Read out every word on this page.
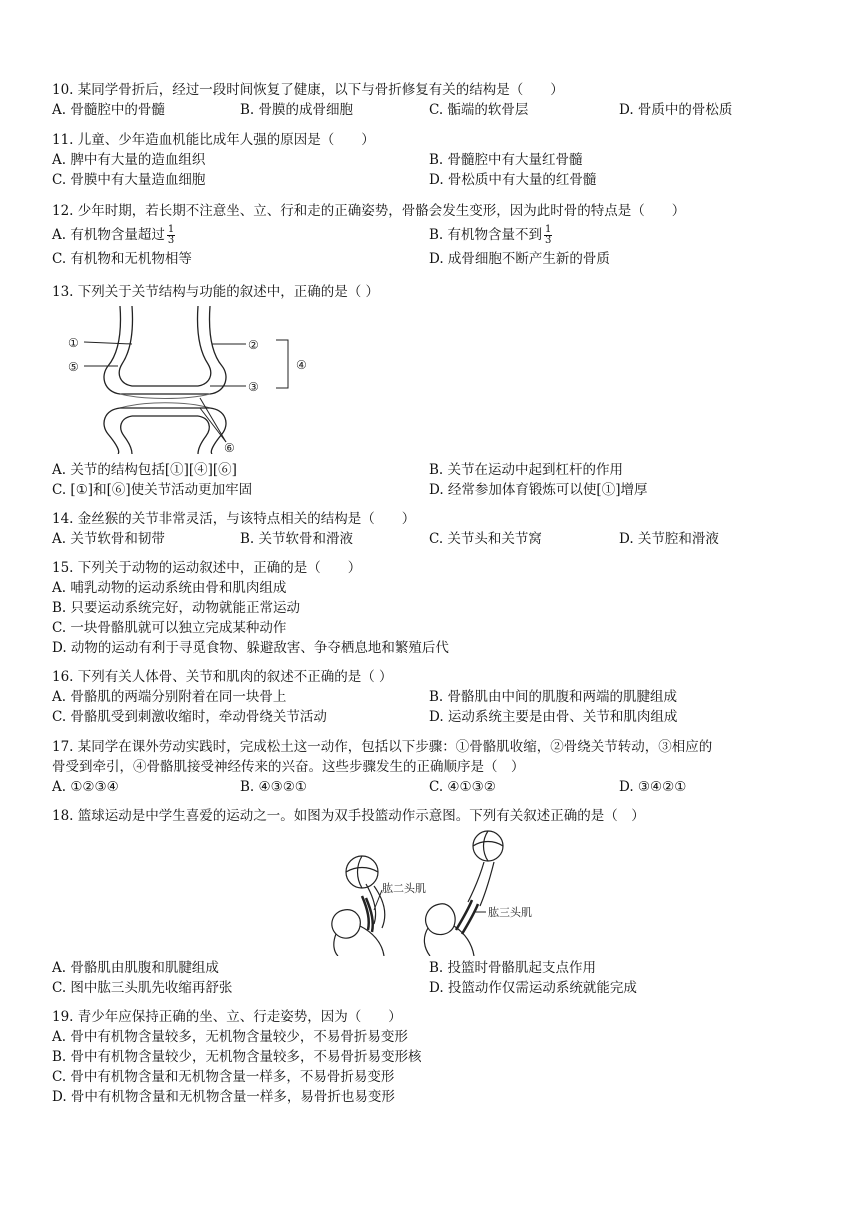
10. 某同学骨折后，经过一段时间恢复了健康，以下与骨折修复有关的结构是（　　）
A. 骨髓腔中的骨髓	B. 骨膜的成骨细胞	C. 骺端的软骨层	D. 骨质中的骨松质
11. 儿童、少年造血机能比成年人强的原因是（　　）
A. 脾中有大量的造血组织	B. 骨髓腔中有大量红骨髓
C. 骨膜中有大量造血细胞	D. 骨松质中有大量的红骨髓
12. 少年时期，若长期不注意坐、立、行和走的正确姿势，骨骼会发生变形，因为此时骨的特点是（　　）
A. 有机物含量超过 $\frac{1}{3}$	B. 有机物含量不到 $\frac{1}{3}$
C. 有机物和无机物相等	D. 成骨细胞不断产生新的骨质
13. 下列关于关节结构与功能的叙述中，正确的是（ ）
①
⑤
②
③
④
⑥
A. 关节的结构包括[①][④][⑥]	B. 关节在运动中起到杠杆的作用
C. [①]和[⑥]使关节活动更加牢固	D. 经常参加体育锻炼可以使[①]增厚
14. 金丝猴的关节非常灵活，与该特点相关的结构是（　　）
A. 关节软骨和韧带	B. 关节软骨和滑液	C. 关节头和关节窝	D. 关节腔和滑液
15. 下列关于动物的运动叙述中，正确的是（　　）
A. 哺乳动物的运动系统由骨和肌肉组成
B. 只要运动系统完好，动物就能正常运动
C. 一块骨骼肌就可以独立完成某种动作
D. 动物的运动有利于寻觅食物、躲避敌害、争夺栖息地和繁殖后代
16. 下列有关人体骨、关节和肌肉的叙述不正确的是（ ）
A. 骨骼肌的两端分别附着在同一块骨上	B. 骨骼肌由中间的肌腹和两端的肌腱组成
C. 骨骼肌受到刺激收缩时，牵动骨绕关节活动	D. 运动系统主要是由骨、关节和肌肉组成
17. 某同学在课外劳动实践时，完成松土这一动作，包括以下步骤：①骨骼肌收缩，②骨绕关节转动，③相应的
骨受到牵引，④骨骼肌接受神经传来的兴奋。这些步骤发生的正确顺序是（　）
A. ①②③④	B. ④③②①	C. ④①③②	D. ③④②①
18. 篮球运动是中学生喜爱的运动之一。如图为双手投篮动作示意图。下列有关叙述正确的是（　）
肱二头肌
肱三头肌
A. 骨骼肌由肌腹和肌腱组成	B. 投篮时骨骼肌起支点作用
C. 图中肱三头肌先收缩再舒张	D. 投篮动作仅需运动系统就能完成
19. 青少年应保持正确的坐、立、行走姿势，因为（　　）
A. 骨中有机物含量较多，无机物含量较少，不易骨折易变形
B. 骨中有机物含量较少，无机物含量较多，不易骨折易变形核
C. 骨中有机物含量和无机物含量一样多，不易骨折易变形
D. 骨中有机物含量和无机物含量一样多，易骨折也易变形
